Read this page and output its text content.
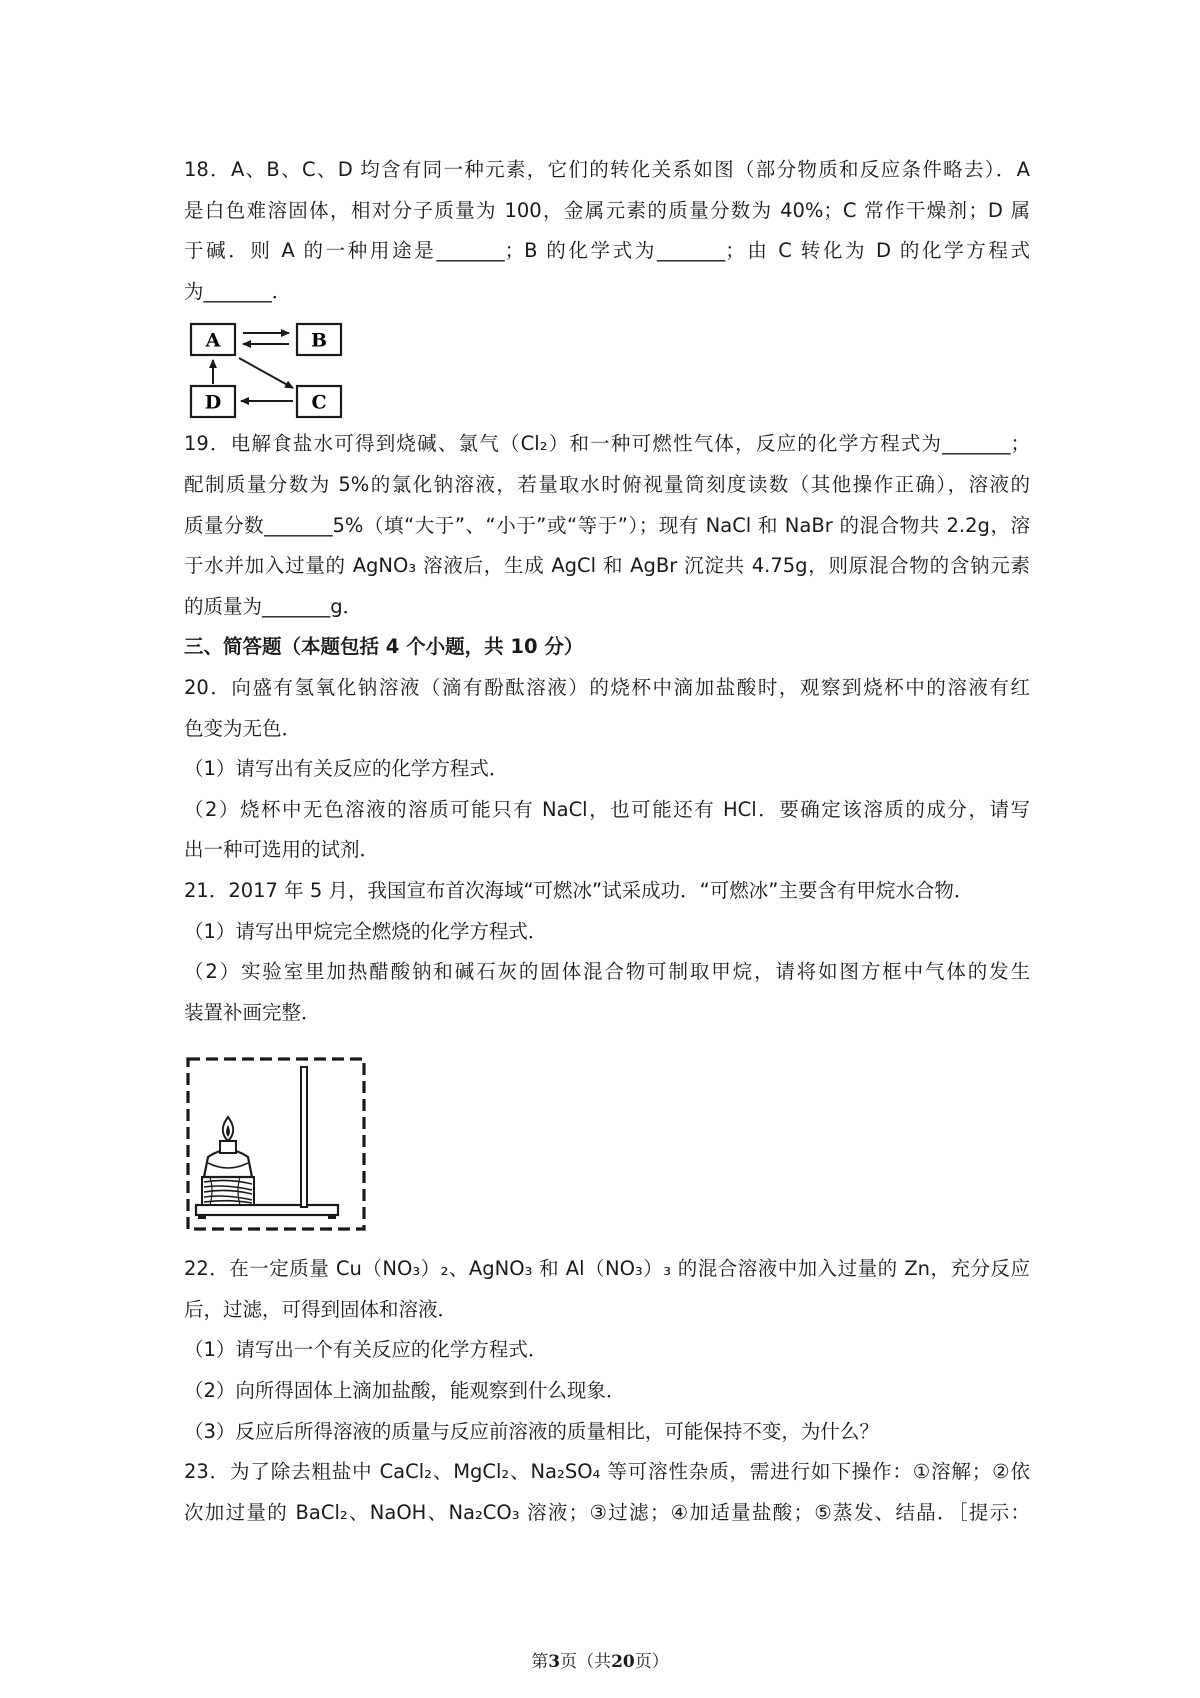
18．A、B、C、D 均含有同一种元素，它们的转化关系如图（部分物质和反应条件略去）．A
是白色难溶固体，相对分子质量为 100，金属元素的质量分数为 40%；C 常作干燥剂；D 属
于碱．则 A 的一种用途是_______；B 的化学式为_______；由 C 转化为 D 的化学方程式
为_______．
A	B
C
D
19．电解食盐水可得到烧碱、氯气（Cl₂）和一种可燃性气体，反应的化学方程式为_______；
配制质量分数为 5%的氯化钠溶液，若量取水时俯视量筒刻度读数（其他操作正确），溶液的
质量分数_______5%（填“大于”、“小于”或“等于”）；现有 NaCl 和 NaBr 的混合物共 2.2g，溶
于水并加入过量的 AgNO₃ 溶液后，生成 AgCl 和 AgBr 沉淀共 4.75g，则原混合物的含钠元素
的质量为_______g．
三、简答题（本题包括 4 个小题，共 10 分）
20．向盛有氢氧化钠溶液（滴有酚酞溶液）的烧杯中滴加盐酸时，观察到烧杯中的溶液有红
色变为无色．
（1）请写出有关反应的化学方程式．
（2）烧杯中无色溶液的溶质可能只有 NaCl，也可能还有 HCl．要确定该溶质的成分，请写
出一种可选用的试剂．
21．2017 年 5 月，我国宣布首次海域“可燃冰”试采成功．“可燃冰”主要含有甲烷水合物．
（1）请写出甲烷完全燃烧的化学方程式．
（2）实验室里加热醋酸钠和碱石灰的固体混合物可制取甲烷，请将如图方框中气体的发生
装置补画完整．
22．在一定质量 Cu（NO₃）₂、AgNO₃ 和 Al（NO₃）₃ 的混合溶液中加入过量的 Zn，充分反应
后，过滤，可得到固体和溶液．
（1）请写出一个有关反应的化学方程式．
（2）向所得固体上滴加盐酸，能观察到什么现象．
（3）反应后所得溶液的质量与反应前溶液的质量相比，可能保持不变，为什么？
23．为了除去粗盐中 CaCl₂、MgCl₂、Na₂SO₄ 等可溶性杂质，需进行如下操作：①溶解；②依
次加过量的 BaCl₂、NaOH、Na₂CO₃ 溶液；③过滤；④加适量盐酸；⑤蒸发、结晶．［提示：
第3页（共20页）
